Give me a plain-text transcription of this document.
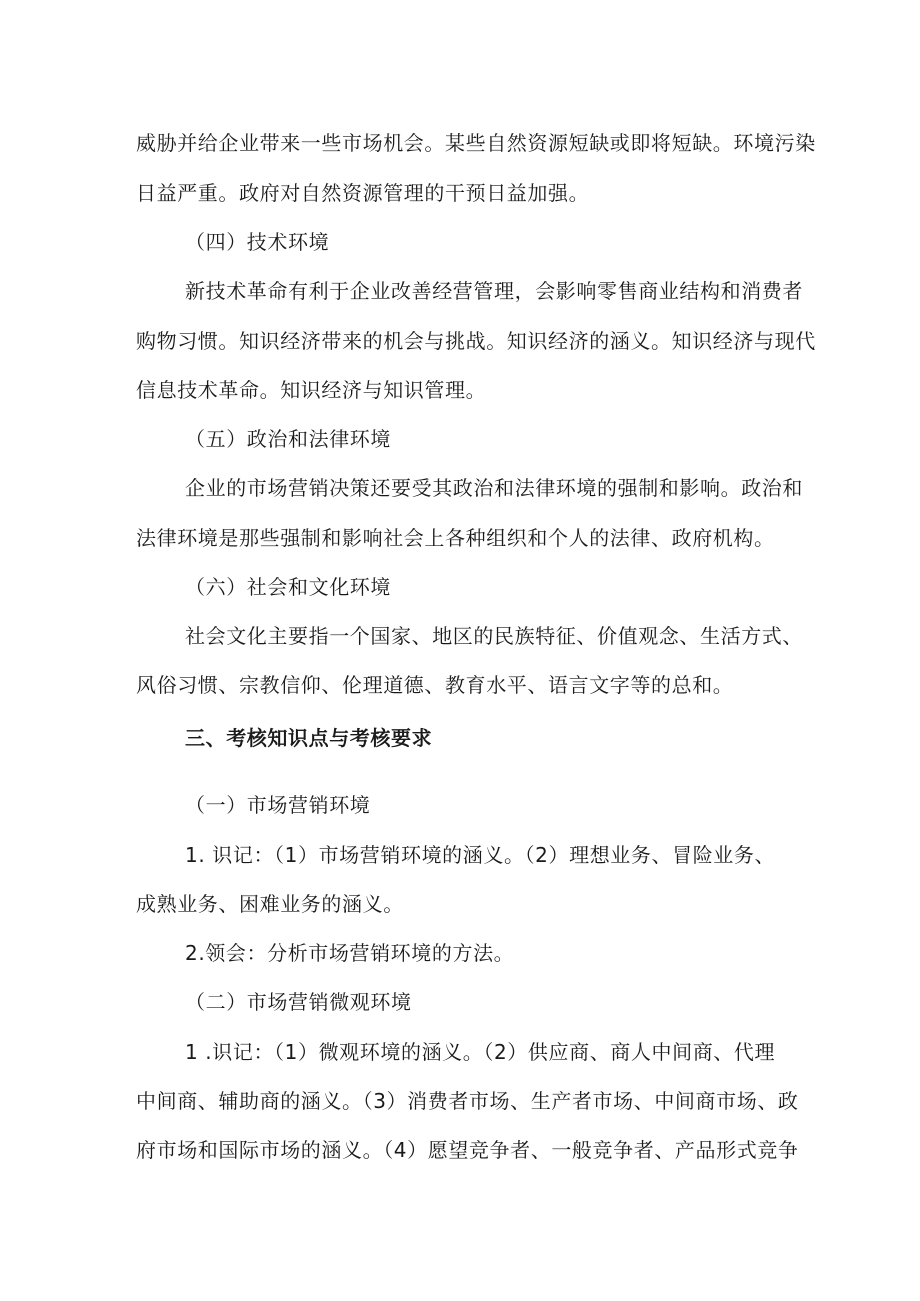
威胁并给企业带来一些市场机会。某些自然资源短缺或即将短缺。环境污染
日益严重。政府对自然资源管理的干预日益加强。
（四）技术环境
新技术革命有利于企业改善经营管理，会影响零售商业结构和消费者
购物习惯。知识经济带来的机会与挑战。知识经济的涵义。知识经济与现代
信息技术革命。知识经济与知识管理。
（五）政治和法律环境
企业的市场营销决策还要受其政治和法律环境的强制和影响。政治和
法律环境是那些强制和影响社会上各种组织和个人的法律、政府机构。
（六）社会和文化环境
社会文化主要指一个国家、地区的民族特征、价值观念、生活方式、
风俗习惯、宗教信仰、伦理道德、教育水平、语言文字等的总和。
三、考核知识点与考核要求
（一）市场营销环境
1. 识记：（1）市场营销环境的涵义。（2）理想业务、冒险业务、
成熟业务、困难业务的涵义。
2.领会：分析市场营销环境的方法。
（二）市场营销微观环境
1 .识记：（1）微观环境的涵义。（2）供应商、商人中间商、代理
中间商、辅助商的涵义。（3）消费者市场、生产者市场、中间商市场、政
府市场和国际市场的涵义。（4）愿望竞争者、一般竞争者、产品形式竞争
